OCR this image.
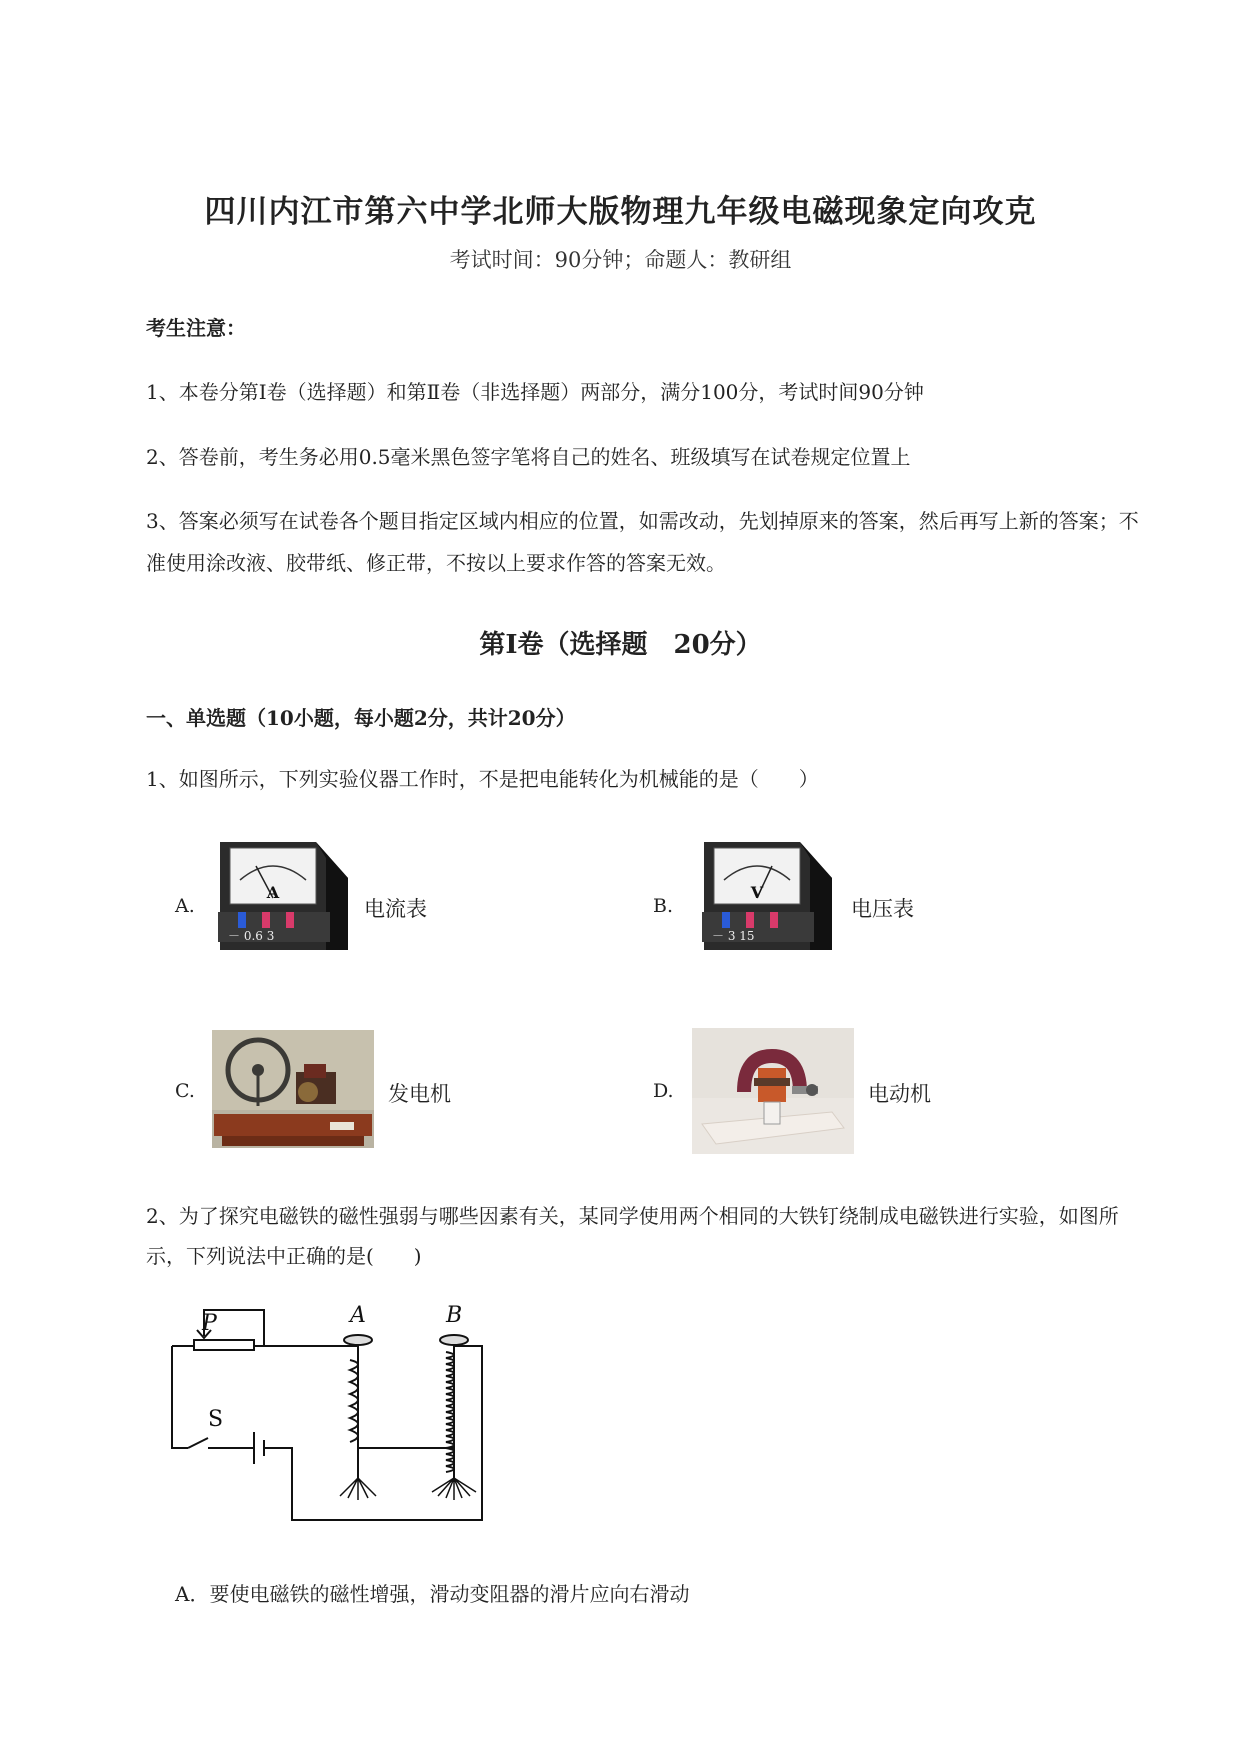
四川内江市第六中学北师大版物理九年级电磁现象定向攻克
考试时间：90分钟；命题人：教研组
考生注意：
1、本卷分第I卷（选择题）和第Ⅱ卷（非选择题）两部分，满分100分，考试时间90分钟
2、答卷前，考生务必用0.5毫米黑色签字笔将自己的姓名、班级填写在试卷规定位置上
3、答案必须写在试卷各个题目指定区域内相应的位置，如需改动，先划掉原来的答案，然后再写上新的答案；不准使用涂改液、胶带纸、修正带，不按以上要求作答的答案无效。
第I卷（选择题　20分）
一、单选题（10小题，每小题2分，共计20分）
1、如图所示，下列实验仪器工作时，不是把电能转化为机械能的是（　　）
A.
A
－ 0.6 3
电流表	B.
V
－ 3 15
电压表
C.	发电机	D.	电动机
2、为了探究电磁铁的磁性强弱与哪些因素有关，某同学使用两个相同的大铁钉绕制成电磁铁进行实验，如图所示，下列说法中正确的是(　　)
P
S
A	B
A．要使电磁铁的磁性增强，滑动变阻器的滑片应向右滑动
